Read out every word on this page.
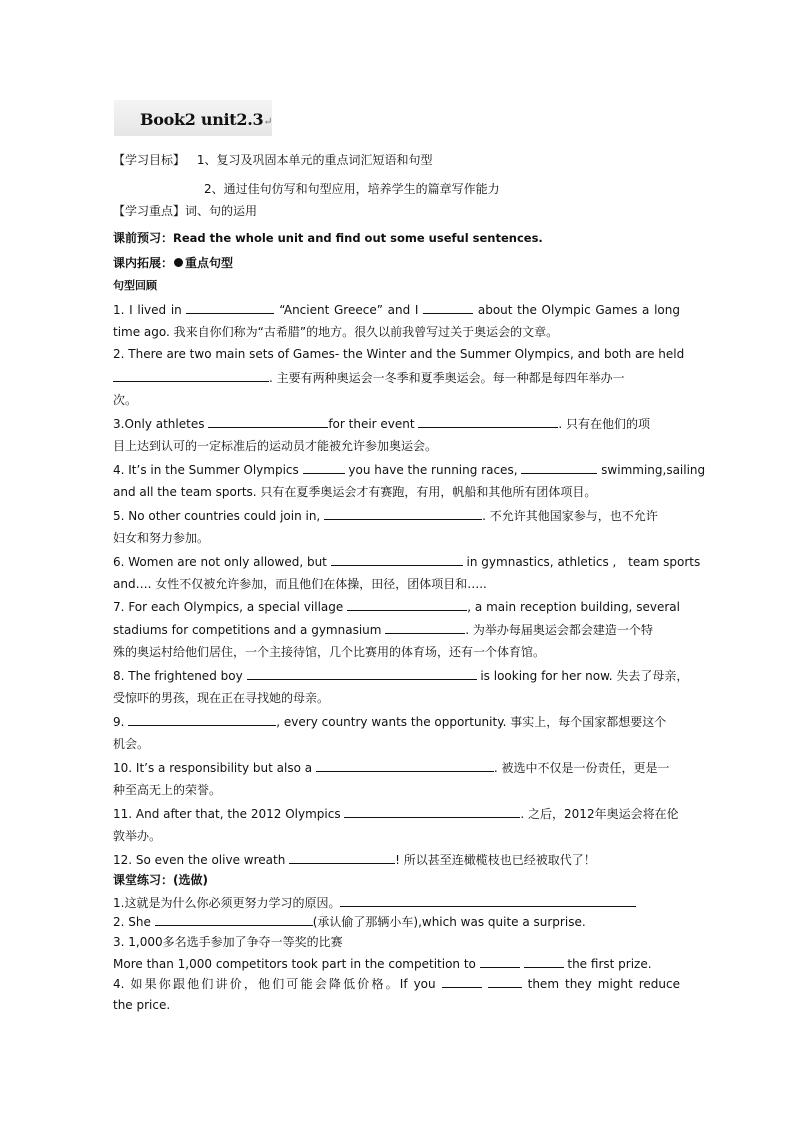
Book2 unit2.3↵
【学习目标】 1、复习及巩固本单元的重点词汇短语和句型
2、通过佳句仿写和句型应用，培养学生的篇章写作能力
【学习重点】词、句的运用
课前预习：Read the whole unit and find out some useful sentences.
课内拓展： 重点句型
句型回顾
1. I lived in	“Ancient Greece” and I	about the Olympic Games a long
time ago. 我来自你们称为“古希腊”的地方。很久以前我曾写过关于奥运会的文章。
2. There are two main sets of Games- the Winter and the Summer Olympics, and both are held
. 主要有两种奥运会一冬季和夏季奥运会。每一种都是每四年举办一
次。
3.Only athletes	for their event	. 只有在他们的项
目上达到认可的一定标准后的运动员才能被允许参加奥运会。
4. It’s in the Summer Olympics	you have the running races,	swimming,sailing
and all the team sports. 只有在夏季奥运会才有赛跑，有用，帆船和其他所有团体项目。
5. No other countries could join in,	. 不允许其他国家参与，也不允许
妇女和努力参加。
6. Women are not only allowed, but	in gymnastics, athletics , team sports
and…. 女性不仅被允许参加，而且他们在体操，田径，团体项目和…..
7. For each Olympics, a special village	, a main reception building, several
stadiums for competitions and a gymnasium	. 为举办每届奥运会都会建造一个特
殊的奥运村给他们居住，一个主接待馆，几个比赛用的体育场，还有一个体育馆。
8. The frightened boy	is looking for her now. 失去了母亲，
受惊吓的男孩，现在正在寻找她的母亲。
9.	, every country wants the opportunity. 事实上，每个国家都想要这个
机会。
10. It’s a responsibility but also a	. 被选中不仅是一份责任，更是一
种至高无上的荣誉。
11. And after that, the 2012 Olympics	. 之后，2012年奥运会将在伦
敦举办。
12. So even the olive wreath	! 所以甚至连橄榄枝也已经被取代了！
课堂练习：(选做)
1.这就是为什么你必须更努力学习的原因。
2. She	(承认偷了那辆小车),which was quite a surprise.
3. 1,000多名选手参加了争夺一等奖的比赛
More than 1,000 competitors took part in the competition to	the first prize.
4. 如果你跟他们讲价，他们可能会降低价格。If you	them they might reduce
the price.
